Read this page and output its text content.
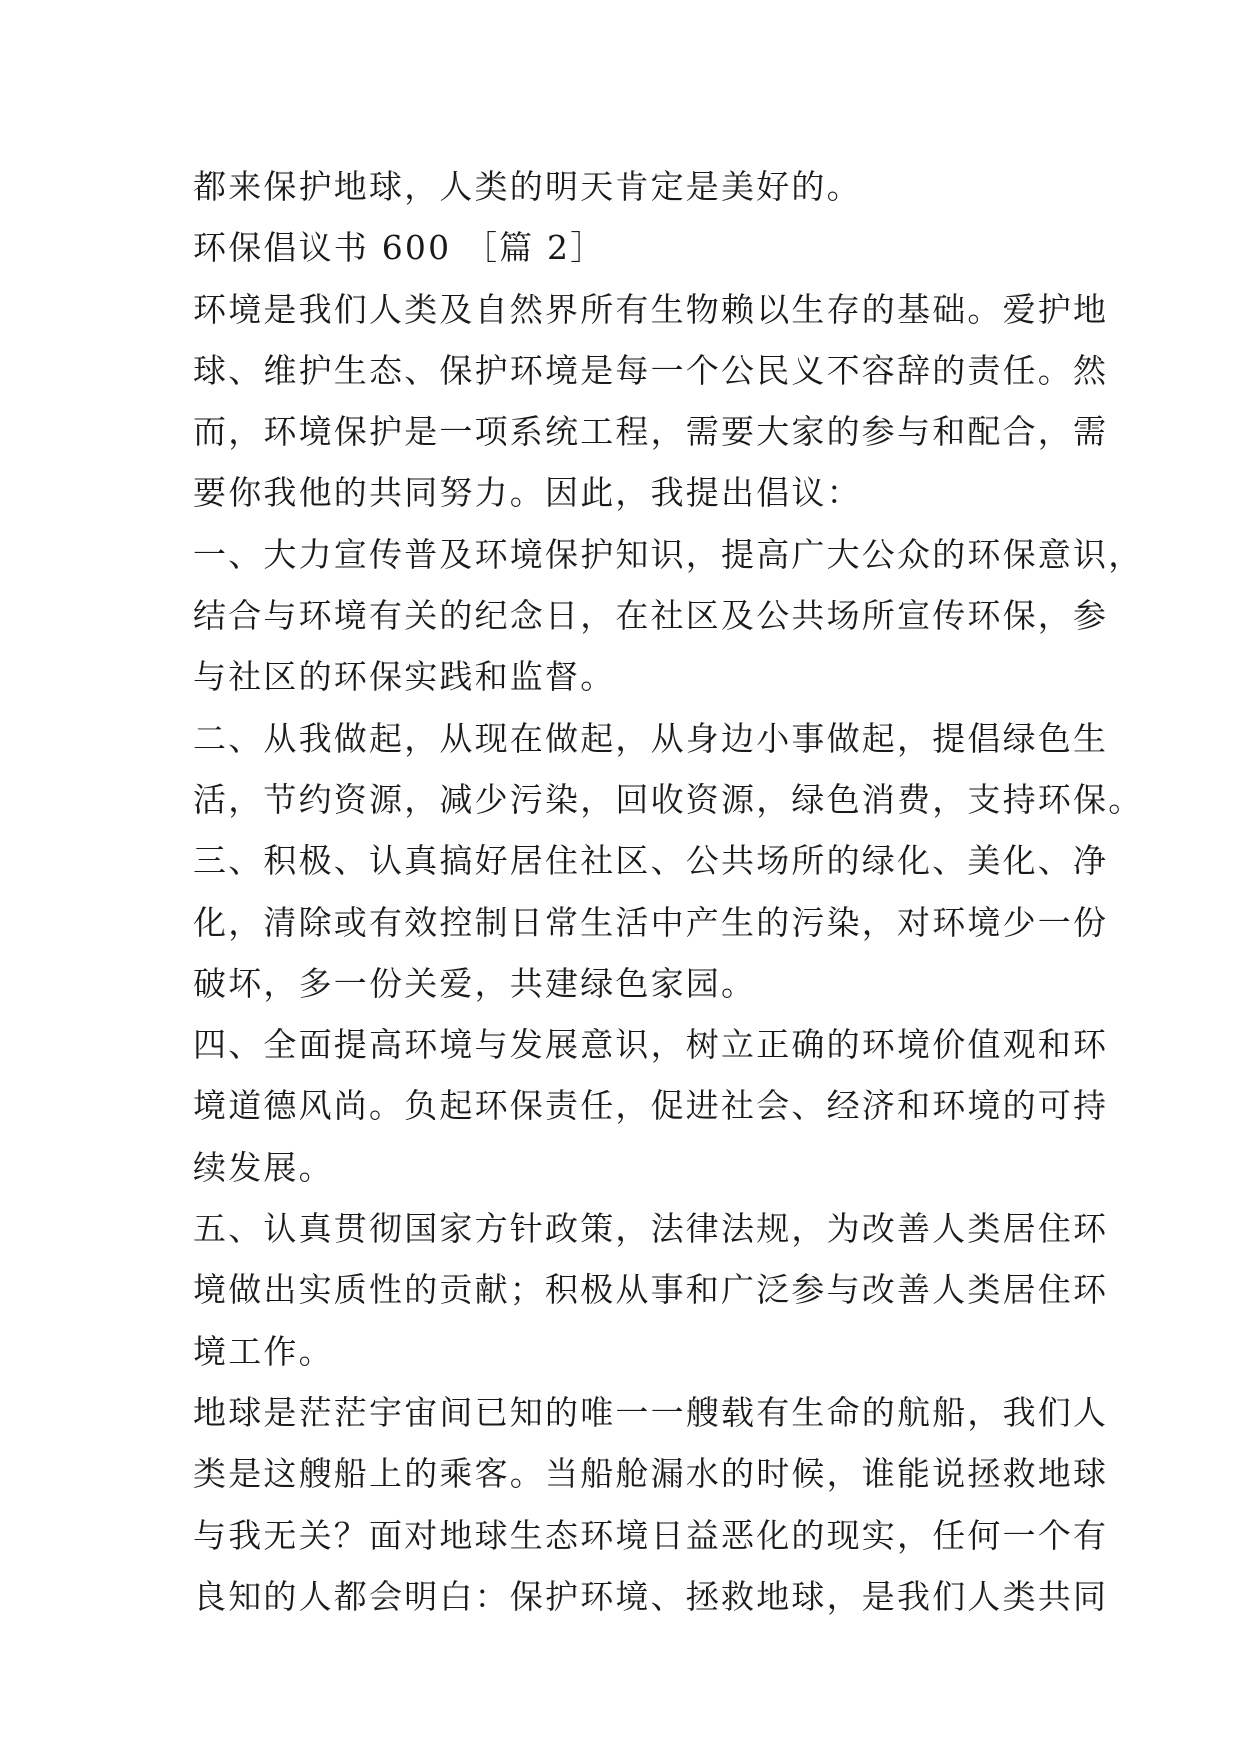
都来保护地球，人类的明天肯定是美好的。
环保倡议书 600 ［篇 2］
环境是我们人类及自然界所有生物赖以生存的基础。爱护地
球、维护生态、保护环境是每一个公民义不容辞的责任。然
而，环境保护是一项系统工程，需要大家的参与和配合，需
要你我他的共同努力。因此，我提出倡议：
一、大力宣传普及环境保护知识，提高广大公众的环保意识，
结合与环境有关的纪念日，在社区及公共场所宣传环保，参
与社区的环保实践和监督。
二、从我做起，从现在做起，从身边小事做起，提倡绿色生
活，节约资源，减少污染，回收资源，绿色消费，支持环保。
三、积极、认真搞好居住社区、公共场所的绿化、美化、净
化，清除或有效控制日常生活中产生的污染，对环境少一份
破坏，多一份关爱，共建绿色家园。
四、全面提高环境与发展意识，树立正确的环境价值观和环
境道德风尚。负起环保责任，促进社会、经济和环境的可持
续发展。
五、认真贯彻国家方针政策，法律法规，为改善人类居住环
境做出实质性的贡献；积极从事和广泛参与改善人类居住环
境工作。
地球是茫茫宇宙间已知的唯一一艘载有生命的航船，我们人
类是这艘船上的乘客。当船舱漏水的时候，谁能说拯救地球
与我无关？面对地球生态环境日益恶化的现实，任何一个有
良知的人都会明白：保护环境、拯救地球，是我们人类共同
